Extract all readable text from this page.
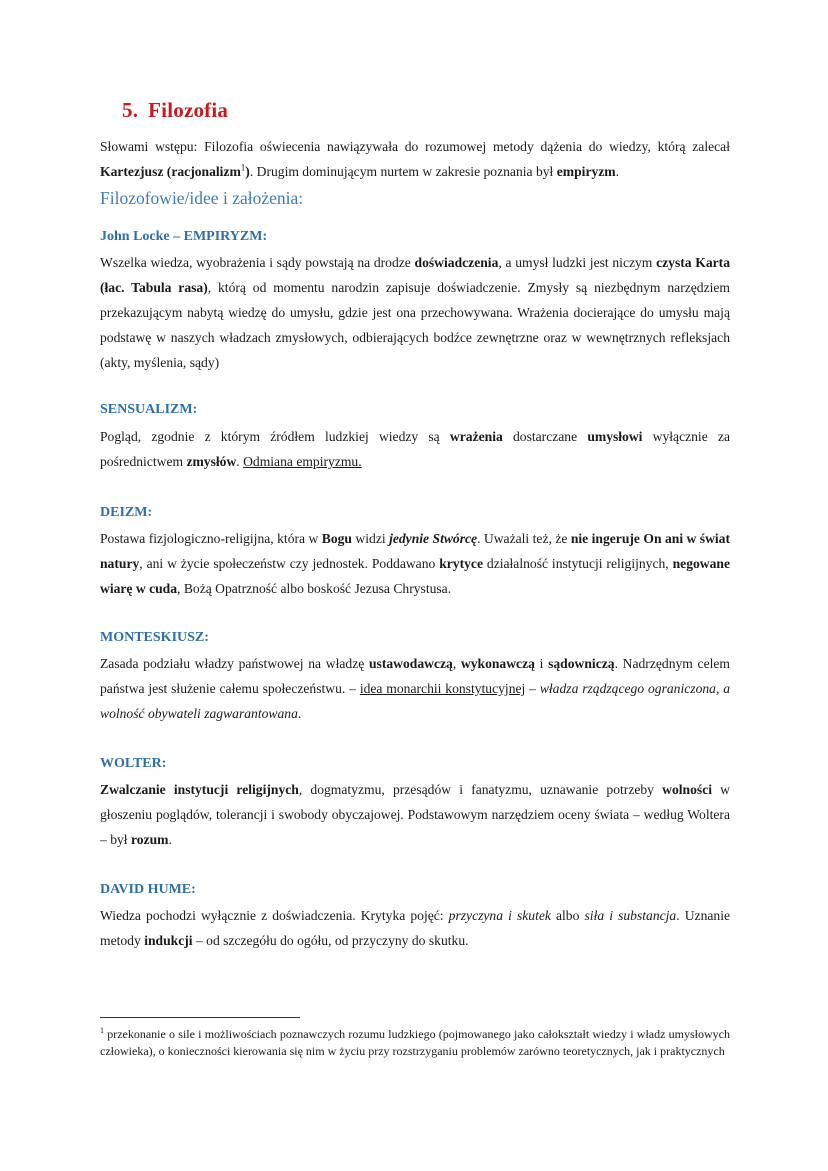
5. Filozofia

Słowami wstępu: Filozofia oświecenia nawiązywała do rozumowej metody dążenia do wiedzy, którą zalecał Kartezjusz (racjonalizm$^1$). Drugim dominującym nurtem w zakresie poznania był empiryzm.

Filozofowie/idee i założenia:
John Locke – EMPIRYZM:

Wszelka wiedza, wyobrażenia i sądy powstają na drodze doświadczenia, a umysł ludzki jest niczym czysta Karta (łac. Tabula rasa), którą od momentu narodzin zapisuje doświadczenie. Zmysły są niezbędnym narzędziem przekazującym nabytą wiedzę do umysłu, gdzie jest ona przechowywana. Wrażenia docierające do umysłu mają podstawę w naszych władzach zmysłowych, odbierających bodźce zewnętrzne oraz w wewnętrznych refleksjach (akty, myślenia, sądy)

SENSUALIZM:

Pogląd, zgodnie z którym źródłem ludzkiej wiedzy są wrażenia dostarczane umysłowi wyłącznie za pośrednictwem zmysłów. Odmiana empiryzmu.

DEIZM:

Postawa fizjologiczno-religijna, która w Bogu widzi jedynie Stwórcę. Uważali też, że nie ingeruje On ani w świat natury, ani w życie społeczeństw czy jednostek. Poddawano krytyce działalność instytucji religijnych, negowane wiarę w cuda, Bożą Opatrzność albo boskość Jezusa Chrystusa.

MONTESKIUSZ:

Zasada podziału władzy państwowej na władzę ustawodawczą, wykonawczą i sądowniczą. Nadrzędnym celem państwa jest służenie całemu społeczeństwu. – idea monarchii konstytucyjnej – władza rządzącego ograniczona, a wolność obywateli zagwarantowana.

WOLTER:

Zwalczanie instytucji religijnych, dogmatyzmu, przesądów i fanatyzmu, uznawanie potrzeby wolności w głoszeniu poglądów, tolerancji i swobody obyczajowej. Podstawowym narzędziem oceny świata – według Woltera – był rozum.

DAVID HUME:

Wiedza pochodzi wyłącznie z doświadczenia. Krytyka pojęć: przyczyna i skutek albo siła i substancja. Uznanie metody indukcji – od szczegółu do ogółu, od przyczyny do skutku.

$^1$ przekonanie o sile i możliwościach poznawczych rozumu ludzkiego (pojmowanego jako całokształt wiedzy i władz umysłowych człowieka), o konieczności kierowania się nim w życiu przy rozstrzyganiu problemów zarówno teoretycznych, jak i praktycznych
